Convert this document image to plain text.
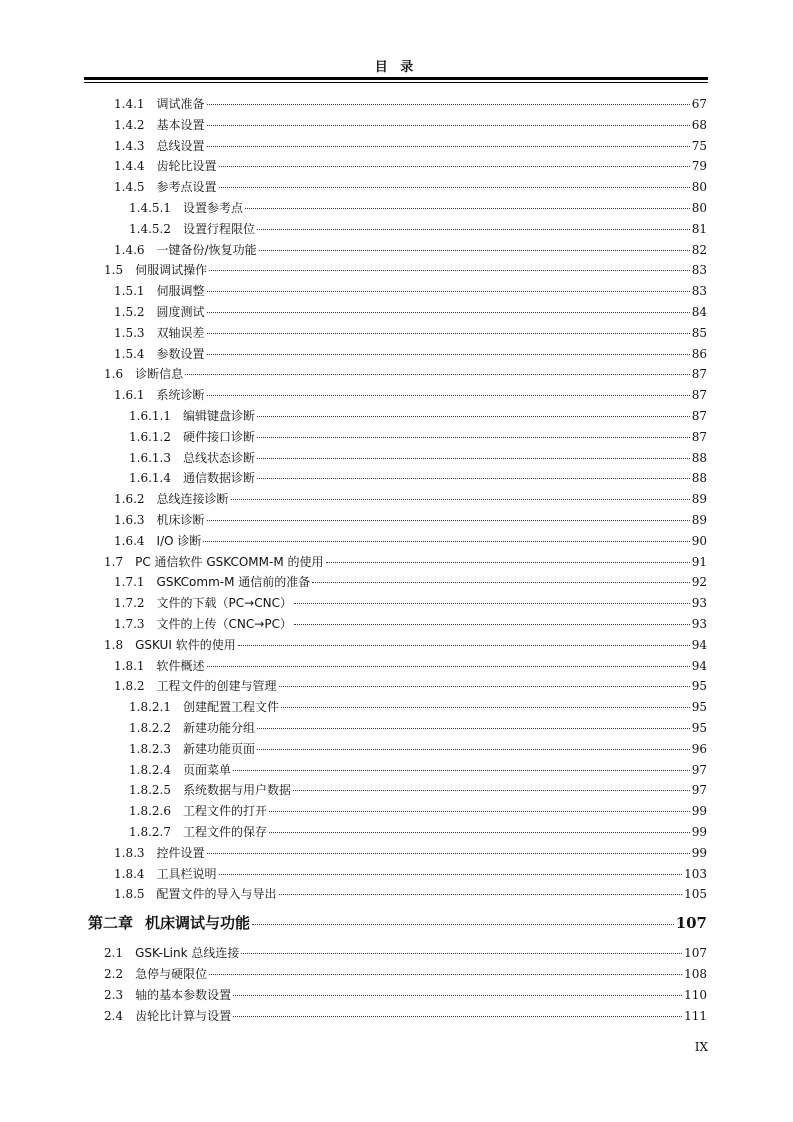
目 录
1.4.1 调试准备	67
1.4.2 基本设置	68
1.4.3 总线设置	75
1.4.4 齿轮比设置	79
1.4.5 参考点设置	80
1.4.5.1 设置参考点	80
1.4.5.2 设置行程限位	81
1.4.6 一键备份/恢复功能	82
1.5 伺服调试操作	83
1.5.1 伺服调整	83
1.5.2 圆度测试	84
1.5.3 双轴误差	85
1.5.4 参数设置	86
1.6 诊断信息	87
1.6.1 系统诊断	87
1.6.1.1 编辑键盘诊断	87
1.6.1.2 硬件接口诊断	87
1.6.1.3 总线状态诊断	88
1.6.1.4 通信数据诊断	88
1.6.2 总线连接诊断	89
1.6.3 机床诊断	89
1.6.4 I/O 诊断	90
1.7 PC 通信软件 GSKCOMM-M 的使用	91
1.7.1 GSKComm-M 通信前的准备	92
1.7.2 文件的下载（PC→CNC）	93
1.7.3 文件的上传（CNC→PC）	93
1.8 GSKUI 软件的使用	94
1.8.1 软件概述	94
1.8.2 工程文件的创建与管理	95
1.8.2.1 创建配置工程文件	95
1.8.2.2 新建功能分组	95
1.8.2.3 新建功能页面	96
1.8.2.4 页面菜单	97
1.8.2.5 系统数据与用户数据	97
1.8.2.6 工程文件的打开	99
1.8.2.7 工程文件的保存	99
1.8.3 控件设置	99
1.8.4 工具栏说明	103
1.8.5 配置文件的导入与导出	105
第二章 机床调试与功能	107
2.1 GSK-Link 总线连接	107
2.2 急停与硬限位	108
2.3 轴的基本参数设置	110
2.4 齿轮比计算与设置	111
IX
